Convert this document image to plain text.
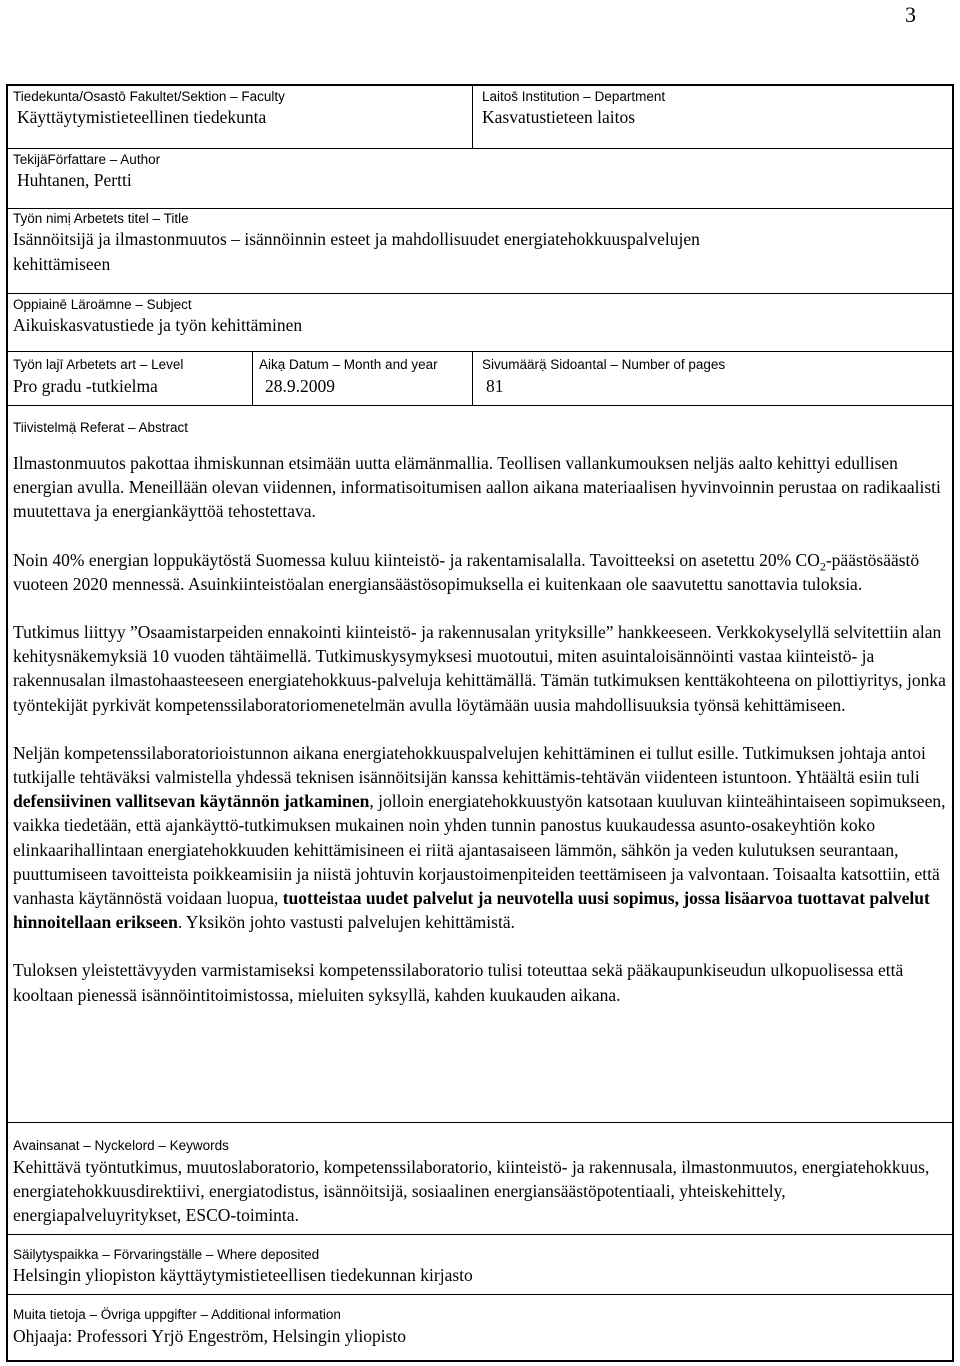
3
Tiedekunta/Osastō Fakultet/Sektion – Faculty
Käyttäytymistieteellinen tiedekunta
Laitos̄ Institution – Department
Kasvatustieteen laitos
TekijäFörfattare – Author
Huhtanen, Pertti
Työn nimị Arbetets titel – Title
Isännöitsijä ja ilmastonmuutos – isännöinnin esteet ja mahdollisuudet energiatehokkuuspalvelujen
kehittämiseen
Oppiainē Läroämne – Subject
Aikuiskasvatustiede ja työn kehittäminen
Työn lajī Arbetets art – Level
Pro gradu -tutkielma
Aikạ Datum – Month and year
28.9.2009
Sivumäärạ̈ Sidoantal – Number of pages
81
Tiivistelmạ̈ Referat – Abstract

Ilmastonmuutos pakottaa ihmiskunnan etsimään uutta elämänmallia. Teollisen vallankumouksen neljäs aalto kehittyi edullisen energian avulla. Meneillään olevan viidennen, informatisoitumisen aallon aikana materiaalisen hyvinvoinnin perustaa on radikaalisti muutettava ja energiankäyttöä tehostettava.

Noin 40% energian loppukäytöstä Suomessa kuluu kiinteistö- ja rakentamisalalla. Tavoitteeksi on asetettu 20% $CO_2$-päästösäästö vuoteen 2020 mennessä. Asuinkiinteistöalan energiansäästösopimuksella ei kuitenkaan ole saavutettu sanottavia tuloksia.

Tutkimus liittyy ”Osaamistarpeiden ennakointi kiinteistö- ja rakennusalan yrityksille” hankkeeseen. Verkkokyselyllä selvitettiin alan kehitysnäkemyksiä 10 vuoden tähtäimellä. Tutkimuskysymyksesi muotoutui, miten asuintaloisännöinti vastaa kiinteistö- ja rakennusalan ilmastohaasteeseen energiatehokkuus-palveluja kehittämällä. Tämän tutkimuksen kenttäkohteena on pilottiyritys, jonka työntekijät pyrkivät kompetenssilaboratoriomenetelmän avulla löytämään uusia mahdollisuuksia työnsä kehittämiseen.

Neljän kompetenssilaboratorioistunnon aikana energiatehokkuuspalvelujen kehittäminen ei tullut esille. Tutkimuksen johtaja antoi tutkijalle tehtäväksi valmistella yhdessä teknisen isännöitsijän kanssa kehittämis-tehtävän viidenteen istuntoon. Yhtäältä esiin tuli defensiivinen vallitsevan käytännön jatkaminen, jolloin energiatehokkuustyön katsotaan kuuluvan kiinteähintaiseen sopimukseen, vaikka tiedetään, että ajankäyttö-tutkimuksen mukainen noin yhden tunnin panostus kuukaudessa asunto-osakeyhtiön koko elinkaarihallintaan energiatehokkuuden kehittämisineen ei riitä ajantasaiseen lämmön, sähkön ja veden kulutuksen seurantaan, puuttumiseen tavoitteista poikkeamisiin ja niistä johtuvin korjaustoimenpiteiden teettämiseen ja valvontaan. Toisaalta katsottiin, että vanhasta käytännöstä voidaan luopua, tuotteistaa uudet palvelut ja neuvotella uusi sopimus, jossa lisäarvoa tuottavat palvelut hinnoitellaan erikseen. Yksikön johto vastusti palvelujen kehittämistä.

Tuloksen yleistettävyyden varmistamiseksi kompetenssilaboratorio tulisi toteuttaa sekä pääkaupunkiseudun ulkopuolisessa että kooltaan pienessä isännöintitoimistossa, mieluiten syksyllä, kahden kuukauden aikana.

Avainsanat – Nyckelord – Keywords
Kehittävä työntutkimus, muutoslaboratorio, kompetenssilaboratorio, kiinteistö- ja rakennusala, ilmastonmuutos, energiatehokkuus, energiatehokkuusdirektiivi, energiatodistus, isännöitsijä, sosiaalinen energiansäästöpotentiaali, yhteiskehittely, energiapalveluyritykset, ESCO-toiminta.
Säilytyspaikka – Förvaringställe – Where deposited
Helsingin yliopiston käyttäytymistieteellisen tiedekunnan kirjasto
Muita tietoja – Övriga uppgifter – Additional information
Ohjaaja: Professori Yrjö Engeström, Helsingin yliopisto
